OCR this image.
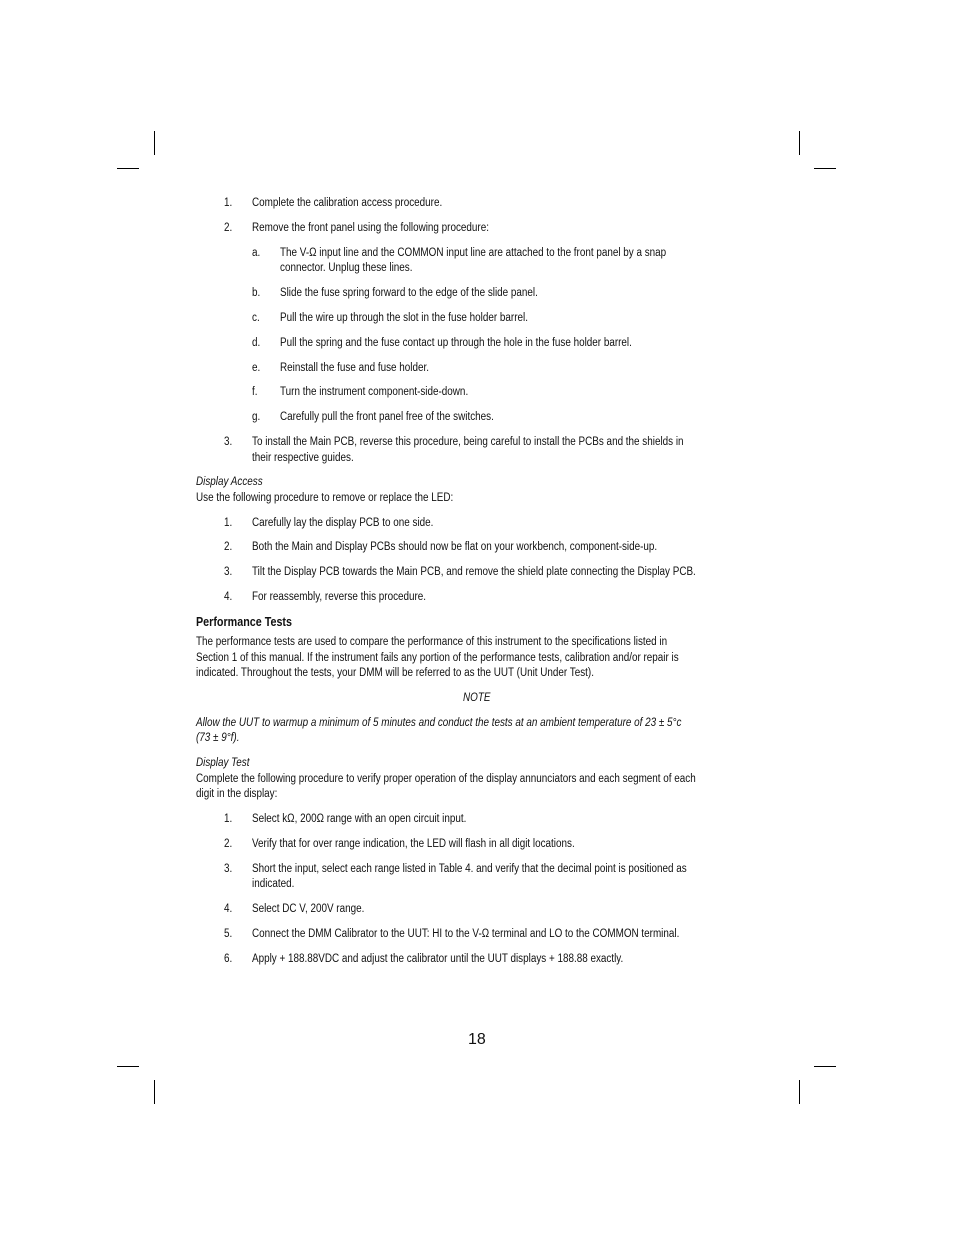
1. Complete the calibration access procedure.
2. Remove the front panel using the following procedure:
a. The V-Ω input line and the COMMON input line are attached to the front panel by a snap
connector. Unplug these lines.
b. Slide the fuse spring forward to the edge of the slide panel.
c. Pull the wire up through the slot in the fuse holder barrel.
d. Pull the spring and the fuse contact up through the hole in the fuse holder barrel.
e. Reinstall the fuse and fuse holder.
f. Turn the instrument component-side-down.
g. Carefully pull the front panel free of the switches.
3. To install the Main PCB, reverse this procedure, being careful to install the PCBs and the shields in
their respective guides.
Display Access
Use the following procedure to remove or replace the LED:
1. Carefully lay the display PCB to one side.
2. Both the Main and Display PCBs should now be flat on your workbench, component-side-up.
3. Tilt the Display PCB towards the Main PCB, and remove the shield plate connecting the Display PCB.
4. For reassembly, reverse this procedure.
Performance Tests
The performance tests are used to compare the performance of this instrument to the specifications listed in
Section 1 of this manual. If the instrument fails any portion of the performance tests, calibration and/or repair is
indicated. Throughout the tests, your DMM will be referred to as the UUT (Unit Under Test).
NOTE
Allow the UUT to warmup a minimum of 5 minutes and conduct the tests at an ambient temperature of 23 ± 5°c
(73 ± 9°f).
Display Test
Complete the following procedure to verify proper operation of the display annunciators and each segment of each
digit in the display:
1. Select kΩ, 200Ω range with an open circuit input.
2. Verify that for over range indication, the LED will flash in all digit locations.
3. Short the input, select each range listed in Table 4. and verify that the decimal point is positioned as
indicated.
4. Select DC V, 200V range.
5. Connect the DMM Calibrator to the UUT: HI to the V-Ω terminal and LO to the COMMON terminal.
6. Apply + 188.88VDC and adjust the calibrator until the UUT displays + 188.88 exactly.
18
